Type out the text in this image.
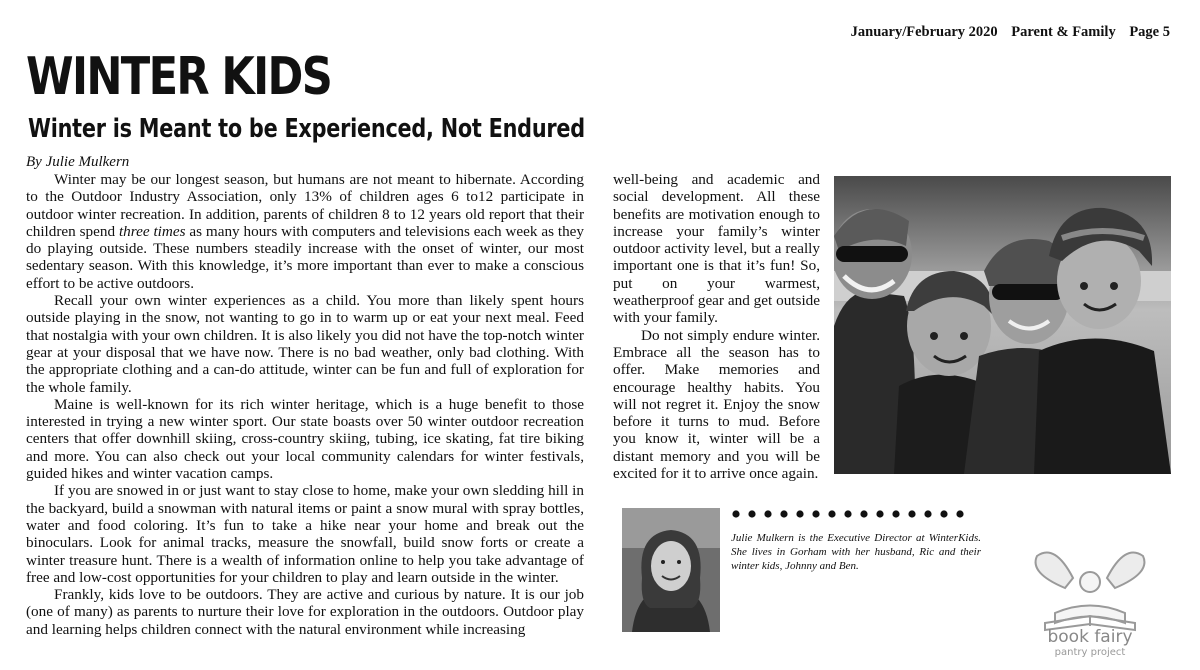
January/February 2020 Parent & Family Page 5
WINTER KIDS
Winter is Meant to be Experienced, Not Endured
By Julie Mulkern

Winter may be our longest season, but humans are not meant to hibernate. According to the Outdoor Industry Association, only 13% of children ages 6 to12 participate in outdoor winter recreation. In addition, parents of children 8 to 12 years old report that their children spend three times as many hours with computers and televisions each week as they do playing outside. These numbers steadily increase with the onset of winter, our most sedentary season. With this knowledge, it’s more important than ever to make a conscious effort to be active outdoors.

Recall your own winter experiences as a child. You more than likely spent hours outside playing in the snow, not wanting to go in to warm up or eat your next meal. Feed that nostalgia with your own children. It is also likely you did not have the top-notch winter gear at your disposal that we have now. There is no bad weather, only bad clothing. With the appropriate clothing and a can-do attitude, winter can be fun and full of exploration for the whole family.

Maine is well-known for its rich winter heritage, which is a huge benefit to those interested in trying a new winter sport. Our state boasts over 50 winter outdoor recreation centers that offer downhill skiing, cross-country skiing, tubing, ice skating, fat tire biking and more. You can also check out your local community calendars for winter festivals, guided hikes and winter vacation camps.

If you are snowed in or just want to stay close to home, make your own sledding hill in the backyard, build a snowman with natural items or paint a snow mural with spray bottles, water and food coloring. It’s fun to take a hike near your home and break out the binoculars. Look for animal tracks, measure the snowfall, build snow forts or create a winter treasure hunt. There is a wealth of information online to help you take advantage of free and low-cost opportunities for your children to play and learn outside in the winter.

Frankly, kids love to be outdoors. They are active and curious by nature. It is our job (one of many) as parents to nurture their love for exploration in the outdoors. Outdoor play and learning helps children connect with the natural environment while increasing

well-being and academic and social development. All these benefits are motivation enough to increase your family’s winter outdoor activity level, but a really important one is that it’s fun! So, put on your warmest, weatherproof gear and get outside with your family.

Do not simply endure winter. Embrace all the season has to offer. Make memories and encourage healthy habits. You will not regret it. Enjoy the snow before it turns to mud. Before you know it, winter will be a distant memory and you will be excited for it to arrive once again.

Julie Mulkern is the Executive Director at WinterKids. She lives in Gorham with her husband, Ric and their winter kids, Johnny and Ben.

book fairy
pantry project
